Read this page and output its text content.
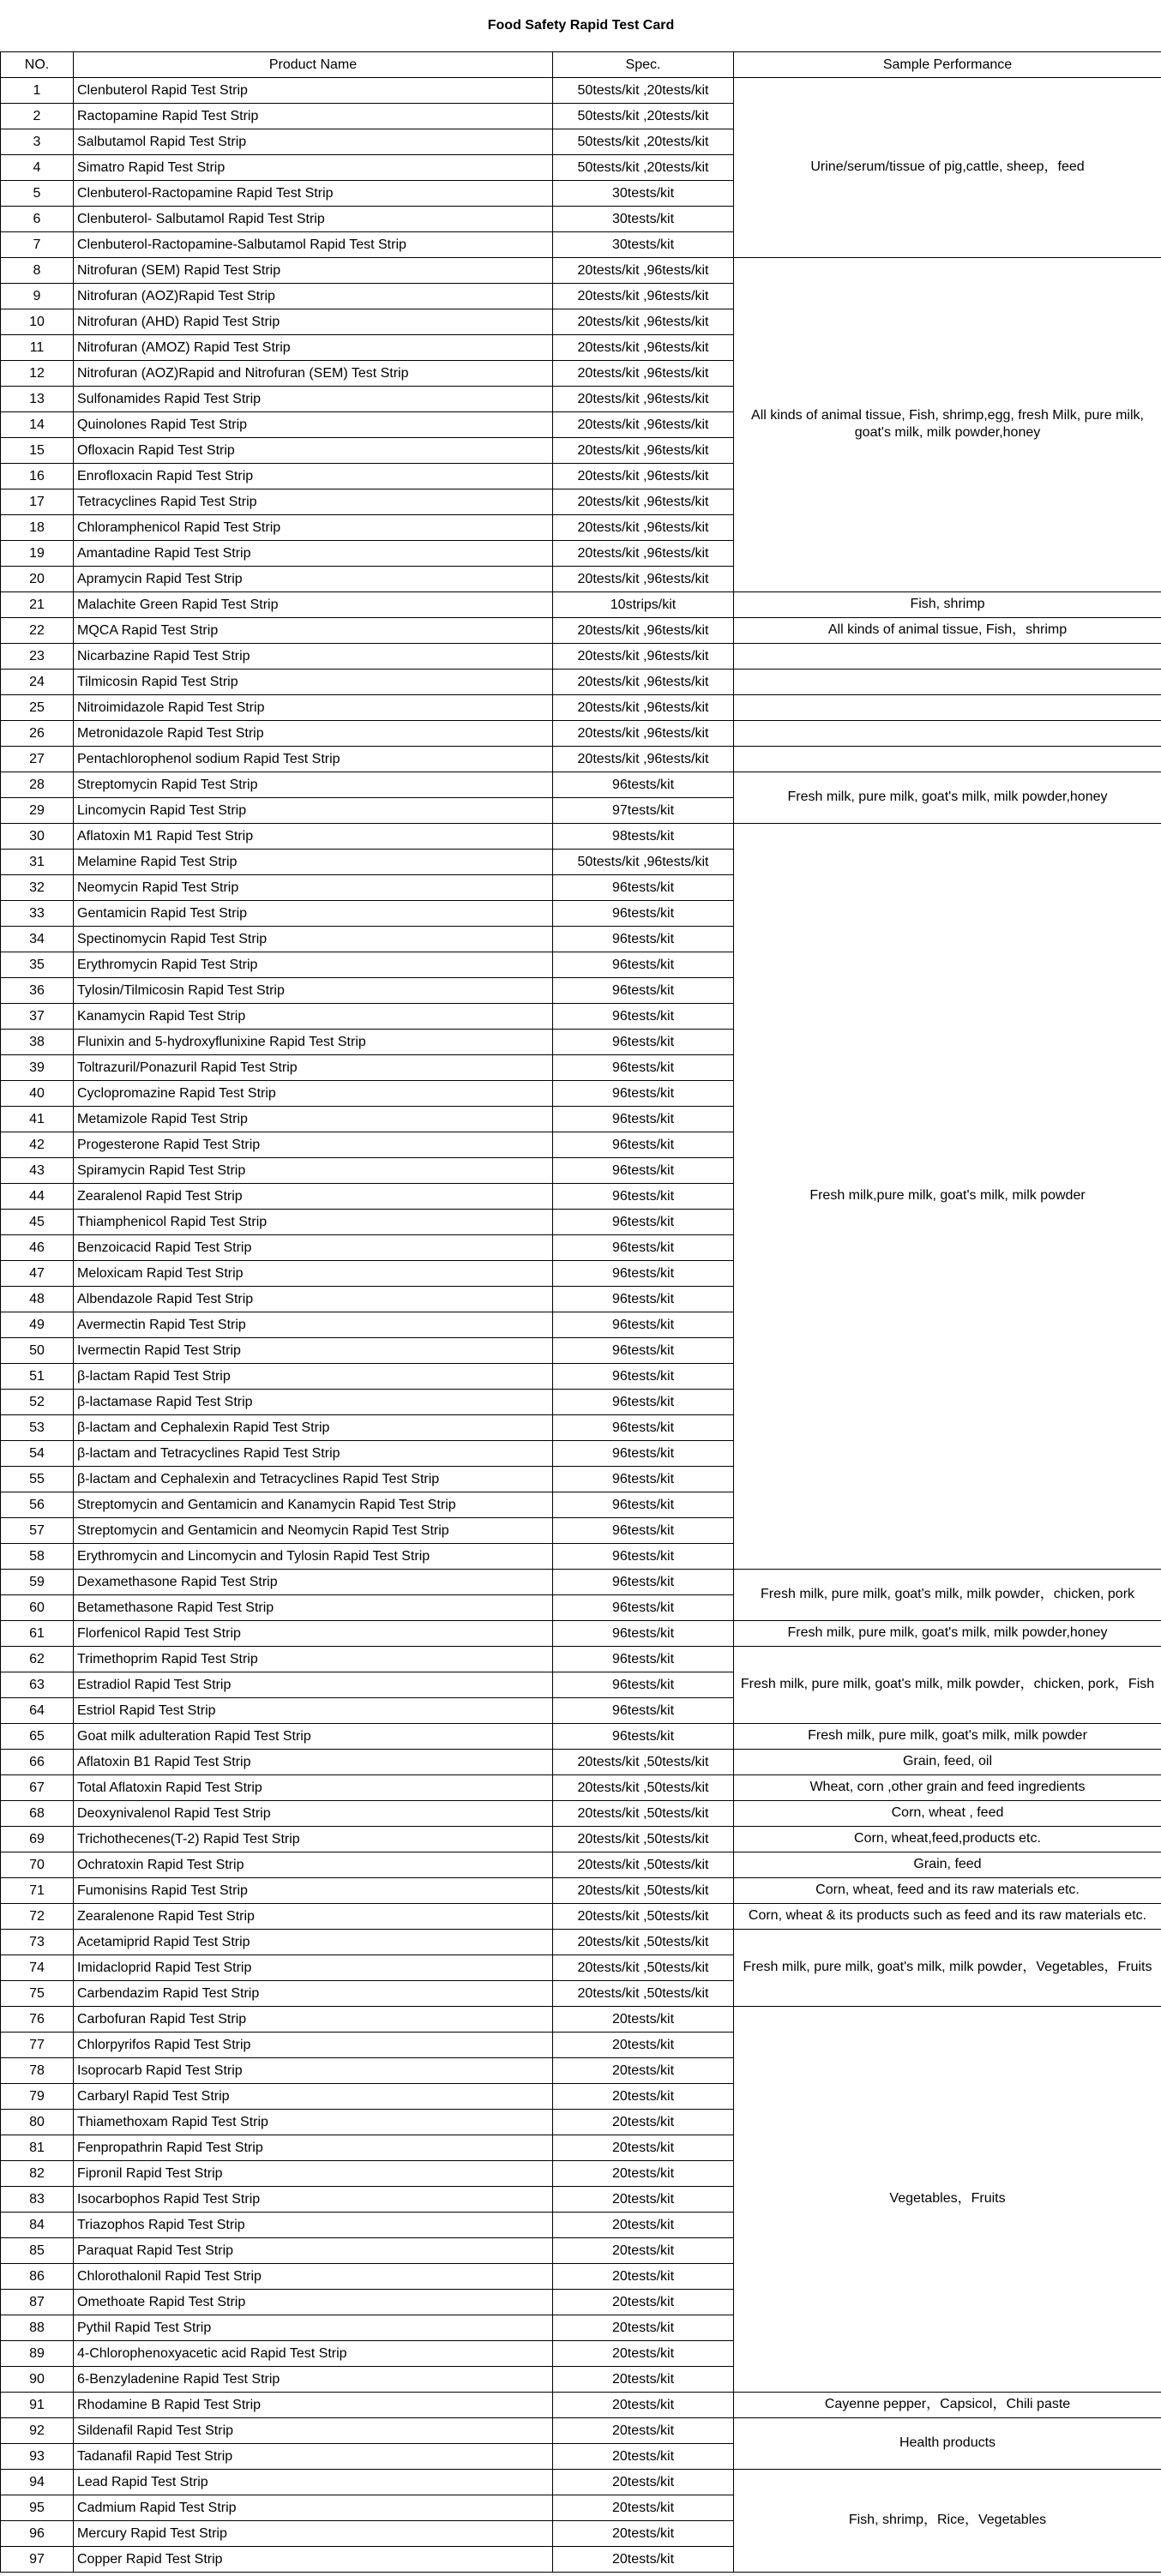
Food Safety Rapid Test Card			
NO.	Product Name	Spec.	Sample Performance
1	Clenbuterol Rapid Test Strip	50tests/kit ,20tests/kit	Urine/serum/tissue of pig,cattle, sheep，feed
2	Ractopamine Rapid Test Strip	50tests/kit ,20tests/kit	
3	Salbutamol Rapid Test Strip	50tests/kit ,20tests/kit	
4	Simatro Rapid Test Strip	50tests/kit ,20tests/kit	
5	Clenbuterol-Ractopamine Rapid Test Strip	30tests/kit	
6	Clenbuterol- Salbutamol Rapid Test Strip	30tests/kit	
7	Clenbuterol-Ractopamine-Salbutamol Rapid Test Strip	30tests/kit	
8	Nitrofuran (SEM) Rapid Test Strip	20tests/kit ,96tests/kit	All kinds of animal tissue, Fish, shrimp,egg, fresh Milk, pure milk, goat's milk, milk powder,honey
9	Nitrofuran (AOZ)Rapid Test Strip	20tests/kit ,96tests/kit	
10	Nitrofuran (AHD) Rapid Test Strip	20tests/kit ,96tests/kit	
11	Nitrofuran (AMOZ) Rapid Test Strip	20tests/kit ,96tests/kit	
12	Nitrofuran (AOZ)Rapid and Nitrofuran (SEM) Test Strip	20tests/kit ,96tests/kit	
13	Sulfonamides Rapid Test Strip	20tests/kit ,96tests/kit	
14	Quinolones Rapid Test Strip	20tests/kit ,96tests/kit	
15	Ofloxacin Rapid Test Strip	20tests/kit ,96tests/kit	
16	Enrofloxacin Rapid Test Strip	20tests/kit ,96tests/kit	
17	Tetracyclines Rapid Test Strip	20tests/kit ,96tests/kit	
18	Chloramphenicol Rapid Test Strip	20tests/kit ,96tests/kit	
19	Amantadine Rapid Test Strip	20tests/kit ,96tests/kit	
20	Apramycin Rapid Test Strip	20tests/kit ,96tests/kit	
21	Malachite Green Rapid Test Strip	10strips/kit	Fish, shrimp
22	MQCA Rapid Test Strip	20tests/kit ,96tests/kit	All kinds of animal tissue, Fish，shrimp
23	Nicarbazine Rapid Test Strip	20tests/kit ,96tests/kit	
24	Tilmicosin Rapid Test Strip	20tests/kit ,96tests/kit	
25	Nitroimidazole Rapid Test Strip	20tests/kit ,96tests/kit	
26	Metronidazole Rapid Test Strip	20tests/kit ,96tests/kit	
27	Pentachlorophenol sodium Rapid Test Strip	20tests/kit ,96tests/kit	
28	Streptomycin Rapid Test Strip	96tests/kit	Fresh milk, pure milk, goat's milk, milk powder,honey
29	Lincomycin Rapid Test Strip	97tests/kit	
30	Aflatoxin M1 Rapid Test Strip	98tests/kit	Fresh milk,pure milk, goat's milk, milk powder
31	Melamine Rapid Test Strip	50tests/kit ,96tests/kit	
32	Neomycin Rapid Test Strip	96tests/kit	
33	Gentamicin Rapid Test Strip	96tests/kit	
34	Spectinomycin Rapid Test Strip	96tests/kit	
35	Erythromycin Rapid Test Strip	96tests/kit	
36	Tylosin/Tilmicosin Rapid Test Strip	96tests/kit	
37	Kanamycin Rapid Test Strip	96tests/kit	
38	Flunixin and 5-hydroxyflunixine Rapid Test Strip	96tests/kit	
39	Toltrazuril/Ponazuril Rapid Test Strip	96tests/kit	
40	Cyclopromazine Rapid Test Strip	96tests/kit	
41	Metamizole Rapid Test Strip	96tests/kit	
42	Progesterone Rapid Test Strip	96tests/kit	
43	Spiramycin Rapid Test Strip	96tests/kit	
44	Zearalenol Rapid Test Strip	96tests/kit	
45	Thiamphenicol Rapid Test Strip	96tests/kit	
46	Benzoicacid Rapid Test Strip	96tests/kit	
47	Meloxicam Rapid Test Strip	96tests/kit	
48	Albendazole Rapid Test Strip	96tests/kit	
49	Avermectin Rapid Test Strip	96tests/kit	
50	Ivermectin Rapid Test Strip	96tests/kit	
51	β-lactam Rapid Test Strip	96tests/kit	
52	β-lactamase Rapid Test Strip	96tests/kit	
53	β-lactam and Cephalexin Rapid Test Strip	96tests/kit	
54	β-lactam and Tetracyclines Rapid Test Strip	96tests/kit	
55	β-lactam and Cephalexin and Tetracyclines Rapid Test Strip	96tests/kit	
56	Streptomycin and Gentamicin and Kanamycin Rapid Test Strip	96tests/kit	
57	Streptomycin and Gentamicin and Neomycin Rapid Test Strip	96tests/kit	
58	Erythromycin and Lincomycin and Tylosin Rapid Test Strip	96tests/kit	
59	Dexamethasone Rapid Test Strip	96tests/kit	Fresh milk, pure milk, goat's milk, milk powder，chicken, pork
60	Betamethasone Rapid Test Strip	96tests/kit	
61	Florfenicol Rapid Test Strip	96tests/kit	Fresh milk, pure milk, goat's milk, milk powder,honey
62	Trimethoprim Rapid Test Strip	96tests/kit	Fresh milk, pure milk, goat's milk, milk powder，chicken, pork，Fish
63	Estradiol Rapid Test Strip	96tests/kit	
64	Estriol Rapid Test Strip	96tests/kit	
65	Goat milk adulteration Rapid Test Strip	96tests/kit	Fresh milk, pure milk, goat's milk, milk powder
66	Aflatoxin B1 Rapid Test Strip	20tests/kit ,50tests/kit	Grain, feed, oil
67	Total Aflatoxin Rapid Test Strip	20tests/kit ,50tests/kit	Wheat, corn ,other grain and feed ingredients
68	Deoxynivalenol Rapid Test Strip	20tests/kit ,50tests/kit	Corn, wheat , feed
69	Trichothecenes(T-2) Rapid Test Strip	20tests/kit ,50tests/kit	Corn, wheat,feed,products etc.
70	Ochratoxin Rapid Test Strip	20tests/kit ,50tests/kit	Grain, feed
71	Fumonisins Rapid Test Strip	20tests/kit ,50tests/kit	Corn, wheat, feed and its raw materials etc.
72	Zearalenone Rapid Test Strip	20tests/kit ,50tests/kit	Corn, wheat & its products such as feed and its raw materials etc.
73	Acetamiprid Rapid Test Strip	20tests/kit ,50tests/kit	Fresh milk, pure milk, goat's milk, milk powder，Vegetables，Fruits
74	Imidacloprid Rapid Test Strip	20tests/kit ,50tests/kit	
75	Carbendazim Rapid Test Strip	20tests/kit ,50tests/kit	
76	Carbofuran Rapid Test Strip	20tests/kit	Vegetables，Fruits
77	Chlorpyrifos Rapid Test Strip	20tests/kit	
78	Isoprocarb Rapid Test Strip	20tests/kit	
79	Carbaryl Rapid Test Strip	20tests/kit	
80	Thiamethoxam Rapid Test Strip	20tests/kit	
81	Fenpropathrin Rapid Test Strip	20tests/kit	
82	Fipronil Rapid Test Strip	20tests/kit	
83	Isocarbophos Rapid Test Strip	20tests/kit	
84	Triazophos Rapid Test Strip	20tests/kit	
85	Paraquat Rapid Test Strip	20tests/kit	
86	Chlorothalonil Rapid Test Strip	20tests/kit	
87	Omethoate Rapid Test Strip	20tests/kit	
88	Pythil Rapid Test Strip	20tests/kit	
89	4-Chlorophenoxyacetic acid Rapid Test Strip	20tests/kit	
90	6-Benzyladenine Rapid Test Strip	20tests/kit	
91	Rhodamine B Rapid Test Strip	20tests/kit	Cayenne pepper，Capsicol，Chili paste
92	Sildenafil Rapid Test Strip	20tests/kit	Health products
93	Tadanafil Rapid Test Strip	20tests/kit	
94	Lead Rapid Test Strip	20tests/kit	Fish, shrimp，Rice，Vegetables
95	Cadmium Rapid Test Strip	20tests/kit	
96	Mercury Rapid Test Strip	20tests/kit	
97	Copper Rapid Test Strip	20tests/kit	
